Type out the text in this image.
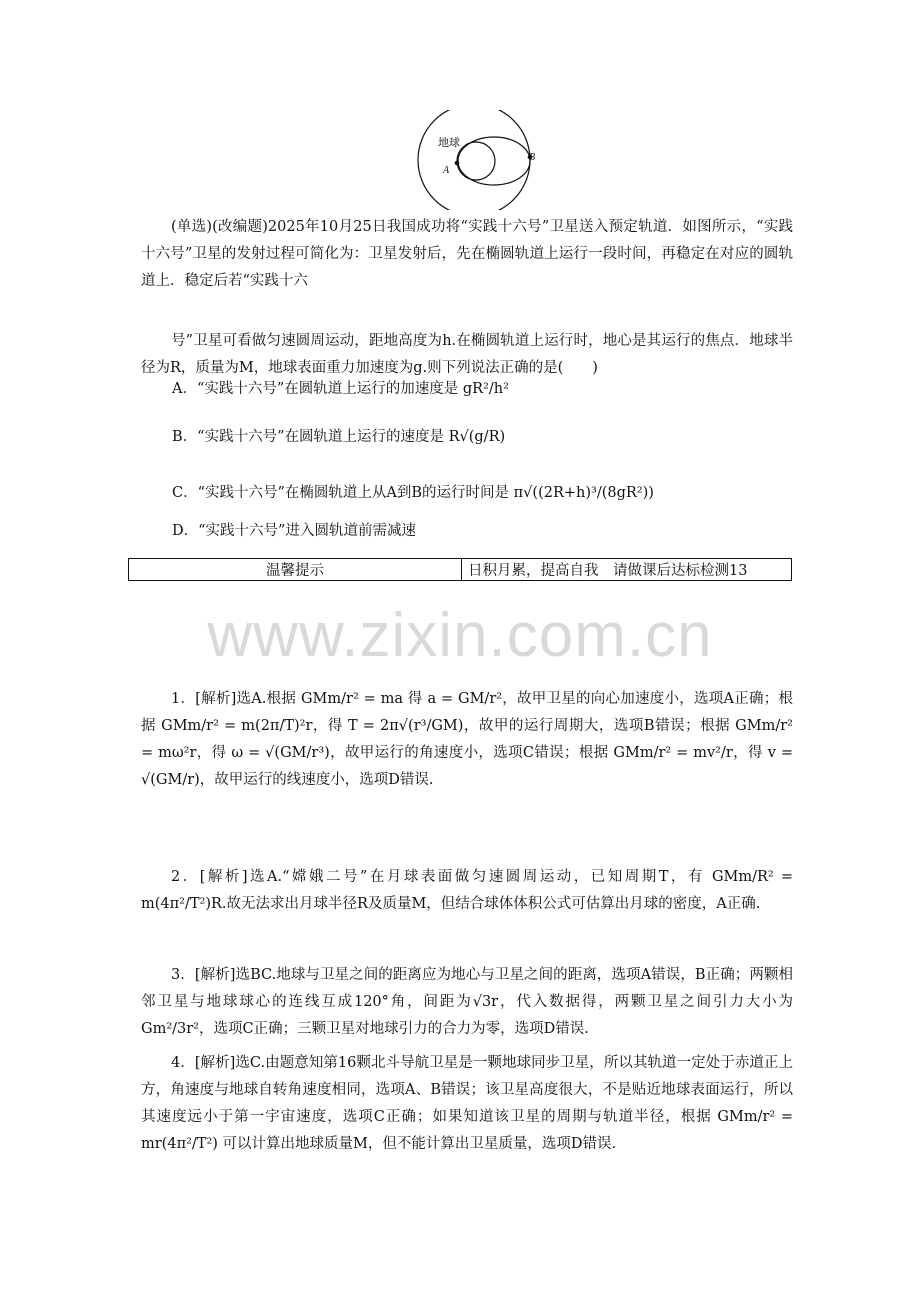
地球
A
B
(单选)(改编题)2025年10月25日我国成功将“实践十六号”卫星送入预定轨道．如图所示，“实践十六号”卫星的发射过程可简化为：卫星发射后，先在椭圆轨道上运行一段时间，再稳定在对应的圆轨道上．稳定后若“实践十六
号”卫星可看做匀速圆周运动，距地高度为h.在椭圆轨道上运行时，地心是其运行的焦点．地球半径为R，质量为M，地球表面重力加速度为g.则下列说法正确的是(　　)
A．“实践十六号”在圆轨道上运行的加速度是 gR²/h²
B．“实践十六号”在圆轨道上运行的速度是 R√(g/R)
C．“实践十六号”在椭圆轨道上从A到B的运行时间是 π√((2R+h)³/(8gR²))
D．“实践十六号”进入圆轨道前需减速
温馨提示	日积月累，提高自我　请做课后达标检测13
www.zixin.com.cn
1．[解析]选A.根据 GMm/r² = ma 得 a = GM/r²，故甲卫星的向心加速度小，选项A正确；根据 GMm/r² = m(2π/T)²r，得 T = 2π√(r³/GM)，故甲的运行周期大，选项B错误；根据 GMm/r² = mω²r，得 ω = √(GM/r³)，故甲运行的角速度小，选项C错误；根据 GMm/r² = mv²/r，得 v = √(GM/r)，故甲运行的线速度小，选项D错误.
2．[解析]选A.“嫦娥二号”在月球表面做匀速圆周运动，已知周期T，有 GMm/R² = m(4π²/T²)R.故无法求出月球半径R及质量M，但结合球体体积公式可估算出月球的密度，A正确.
3．[解析]选BC.地球与卫星之间的距离应为地心与卫星之间的距离，选项A错误，B正确；两颗相邻卫星与地球球心的连线互成120°角，间距为√3r，代入数据得，两颗卫星之间引力大小为 Gm²/3r²，选项C正确；三颗卫星对地球引力的合力为零，选项D错误.
4．[解析]选C.由题意知第16颗北斗导航卫星是一颗地球同步卫星，所以其轨道一定处于赤道正上方，角速度与地球自转角速度相同，选项A、B错误；该卫星高度很大，不是贴近地球表面运行，所以其速度远小于第一宇宙速度，选项C正确；如果知道该卫星的周期与轨道半径，根据 GMm/r² = mr(4π²/T²) 可以计算出地球质量M，但不能计算出卫星质量，选项D错误.
